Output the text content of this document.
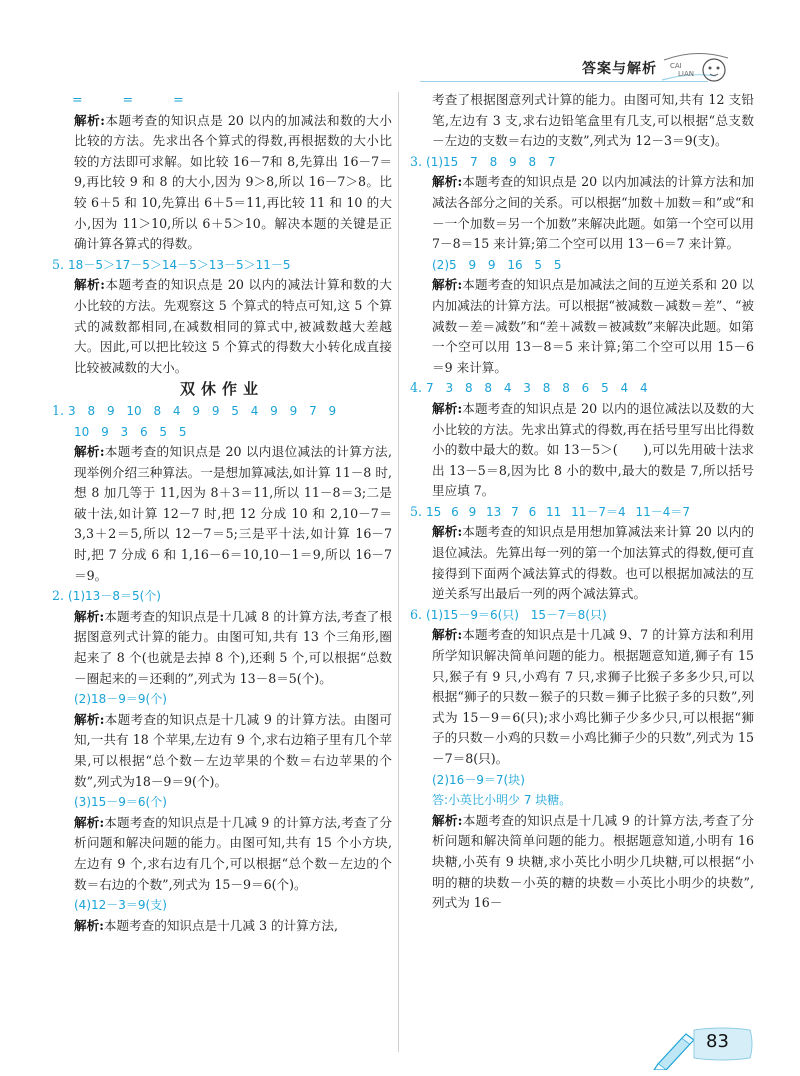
答案与解析 CAI
LIAN

= = =

解析:本题考查的知识点是 20 以内的加减法和数的大小比较的方法。先求出各个算式的得数,再根据数的大小比较的方法即可求解。如比较 16－7和 8,先算出 16－7＝9,再比较 9 和 8 的大小,因为 9＞8,所以 16－7＞8。比较 6＋5 和 10,先算出 6＋5＝11,再比较 11 和 10 的大小,因为 11＞10,所以 6＋5＞10。解决本题的关键是正确计算各算式的得数。

5. 18－5＞17－5＞14－5＞13－5＞11－5

解析:本题考查的知识点是 20 以内的减法计算和数的大小比较的方法。先观察这 5 个算式的特点可知,这 5 个算式的减数都相同,在减数相同的算式中,被减数越大差越大。因此,可以把比较这 5 个算式的得数大小转化成直接比较被减数的大小。

双休作业

1. 3 8 9 10 8 4 9 9 5 4 9 9 7 9

10 9 3 6 5 5

解析:本题考查的知识点是 20 以内退位减法的计算方法,现举例介绍三种算法。一是想加算减法,如计算 11－8 时,想 8 加几等于 11,因为 8＋3＝11,所以 11－8＝3;二是破十法,如计算 12－7 时,把 12 分成 10 和 2,10－7＝3,3＋2＝5,所以 12－7＝5;三是平十法,如计算 16－7 时,把 7 分成 6 和 1,16－6＝10,10－1＝9,所以 16－7＝9。

2. (1)13－8＝5(个)

解析:本题考查的知识点是十几减 8 的计算方法,考查了根据图意列式计算的能力。由图可知,共有 13 个三角形,圈起来了 8 个(也就是去掉 8 个),还剩 5 个,可以根据“总数－圈起来的＝还剩的”,列式为 13－8＝5(个)。

(2)18－9＝9(个)

解析:本题考查的知识点是十几减 9 的计算方法。由图可知,一共有 18 个苹果,左边有 9 个,求右边箱子里有几个苹果,可以根据“总个数－左边苹果的个数＝右边苹果的个数”,列式为18－9＝9(个)。

(3)15－9＝6(个)

解析:本题考查的知识点是十几减 9 的计算方法,考查了分析问题和解决问题的能力。由图可知,共有 15 个小方块,左边有 9 个,求右边有几个,可以根据“总个数－左边的个数＝右边的个数”,列式为 15－9＝6(个)。

(4)12－3＝9(支)

解析:本题考查的知识点是十几减 3 的计算方法,

考查了根据图意列式计算的能力。由图可知,共有 12 支铅笔,左边有 3 支,求右边铅笔盒里有几支,可以根据“总支数－左边的支数＝右边的支数”,列式为 12－3＝9(支)。

3. (1)15 7 8 9 8 7

解析:本题考查的知识点是 20 以内加减法的计算方法和加减法各部分之间的关系。可以根据“加数＋加数＝和”或“和－一个加数＝另一个加数”来解决此题。如第一个空可以用 7－8＝15 来计算;第二个空可以用 13－6＝7 来计算。

(2)5 9 9 16 5 5

解析:本题考查的知识点是加减法之间的互逆关系和 20 以内加减法的计算方法。可以根据“被减数－减数＝差”、“被减数－差＝减数”和“差＋减数＝被减数”来解决此题。如第一个空可以用 13－8＝5 来计算;第二个空可以用 15－6＝9 来计算。

4. 7 3 8 8 4 3 8 8 6 5 4 4

解析:本题考查的知识点是 20 以内的退位减法以及数的大小比较的方法。先求出算式的得数,再在括号里写出比得数小的数中最大的数。如 13－5＞(　　),可以先用破十法求出 13－5＝8,因为比 8 小的数中,最大的数是 7,所以括号里应填 7。

5. 15 6 9 13 7 6 11 11－7＝4 11－4＝7

解析:本题考查的知识点是用想加算减法来计算 20 以内的退位减法。先算出每一列的第一个加法算式的得数,便可直接得到下面两个减法算式的得数。也可以根据加减法的互逆关系写出最后一列的两个减法算式。

6. (1)15－9＝6(只) 15－7＝8(只)

解析:本题考查的知识点是十几减 9、7 的计算方法和利用所学知识解决简单问题的能力。根据题意知道,狮子有 15 只,猴子有 9 只,小鸡有 7 只,求狮子比猴子多多少只,可以根据“狮子的只数－猴子的只数＝狮子比猴子多的只数”,列式为 15－9＝6(只);求小鸡比狮子少多少只,可以根据“狮子的只数－小鸡的只数＝小鸡比狮子少的只数”,列式为 15－7＝8(只)。

(2)16－9＝7(块)

答:小英比小明少 7 块糖。

解析:本题考查的知识点是十几减 9 的计算方法,考查了分析问题和解决简单问题的能力。根据题意知道,小明有 16 块糖,小英有 9 块糖,求小英比小明少几块糖,可以根据“小明的糖的块数－小英的糖的块数＝小英比小明少的块数”,列式为 16－

83
